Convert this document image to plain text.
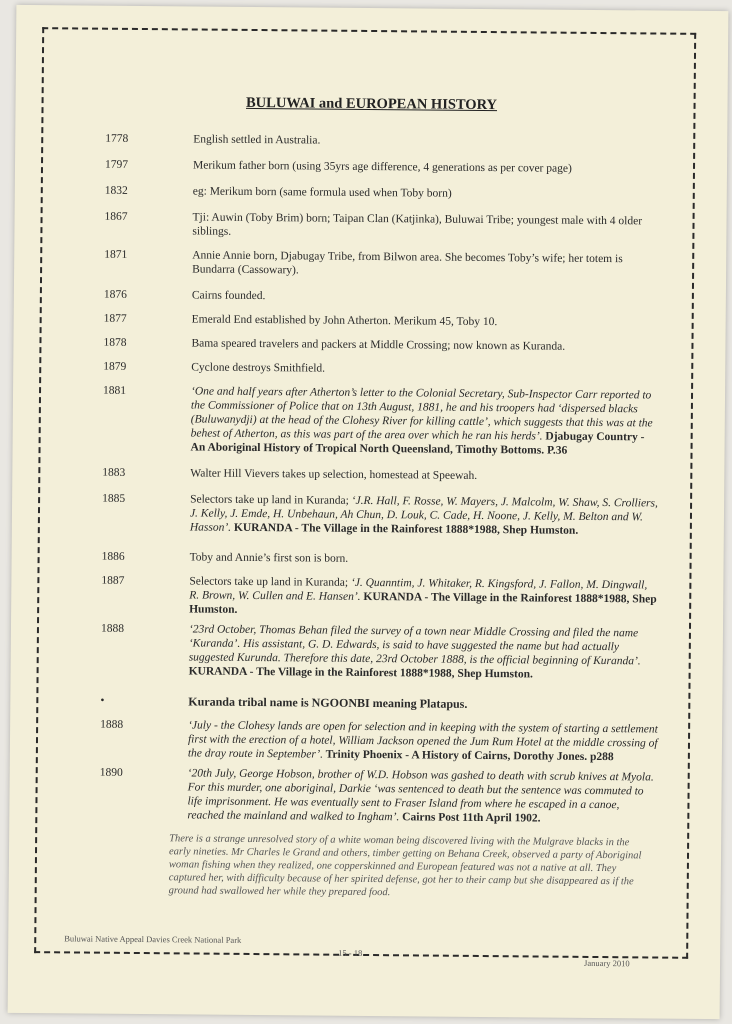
BULUWAI and EUROPEAN HISTORY
1778	English settled in Australia.
1797	Merikum father born (using 35yrs age difference, 4 generations as per cover page)
1832	eg: Merikum born (same formula used when Toby born)
1867	Tji: Auwin (Toby Brim) born; Taipan Clan (Katjinka), Buluwai Tribe; youngest male with 4 older siblings.
1871	Annie Annie born, Djabugay Tribe, from Bilwon area. She becomes Toby’s wife; her totem is Bundarra (Cassowary).
1876	Cairns founded.
1877	Emerald End established by John Atherton. Merikum 45, Toby 10.
1878	Bama speared travelers and packers at Middle Crossing; now known as Kuranda.
1879	Cyclone destroys Smithfield.
1881	‘One and half years after Atherton’s letter to the Colonial Secretary, Sub-Inspector Carr reported to the Commissioner of Police that on 13th August, 1881, he and his troopers had ‘dispersed blacks (Buluwanydji) at the head of the Clohesy River for killing cattle’, which suggests that this was at the behest of Atherton, as this was part of the area over which he ran his herds’. Djabugay Country - An Aboriginal History of Tropical North Queensland, Timothy Bottoms. P.36
1883	Walter Hill Vievers takes up selection, homestead at Speewah.
1885	Selectors take up land in Kuranda; ‘J.R. Hall, F. Rosse, W. Mayers, J. Malcolm, W. Shaw, S. Crolliers, J. Kelly, J. Emde, H. Unbehaun, Ah Chun, D. Louk, C. Cade, H. Noone, J. Kelly, M. Belton and W. Hasson’. KURANDA - The Village in the Rainforest 1888*1988, Shep Humston.
1886	Toby and Annie’s first son is born.
1887	Selectors take up land in Kuranda; ‘J. Quanntim, J. Whitaker, R. Kingsford, J. Fallon, M. Dingwall, R. Brown, W. Cullen and E. Hansen’. KURANDA - The Village in the Rainforest 1888*1988, Shep Humston.
1888	‘23rd October, Thomas Behan filed the survey of a town near Middle Crossing and filed the name ‘Kuranda’. His assistant, G. D. Edwards, is said to have suggested the name but had actually suggested Kurunda. Therefore this date, 23rd October 1888, is the official beginning of Kuranda’. KURANDA - The Village in the Rainforest 1888*1988, Shep Humston.
•	Kuranda tribal name is NGOONBI meaning Platapus.
1888	‘July - the Clohesy lands are open for selection and in keeping with the system of starting a settlement first with the erection of a hotel, William Jackson opened the Jum Rum Hotel at the middle crossing of the dray route in September’. Trinity Phoenix - A History of Cairns, Dorothy Jones. p288
1890	‘20th July, George Hobson, brother of W.D. Hobson was gashed to death with scrub knives at Myola. For this murder, one aboriginal, Darkie ‘was sentenced to death but the sentence was commuted to life imprisonment. He was eventually sent to Fraser Island from where he escaped in a canoe, reached the mainland and walked to Ingham’. Cairns Post 11th April 1902.
There is a strange unresolved story of a white woman being discovered living with the Mulgrave blacks in the early nineties. Mr Charles le Grand and others, timber getting on Behana Creek, observed a party of Aboriginal woman fishing when they realized, one copperskinned and European featured was not a native at all. They captured her, with difficulty because of her spirited defense, got her to their camp but she disappeared as if the ground had swallowed her while they prepared food.
Buluwai Native Appeal Davies Creek National Park
15 - 18
January 2010
